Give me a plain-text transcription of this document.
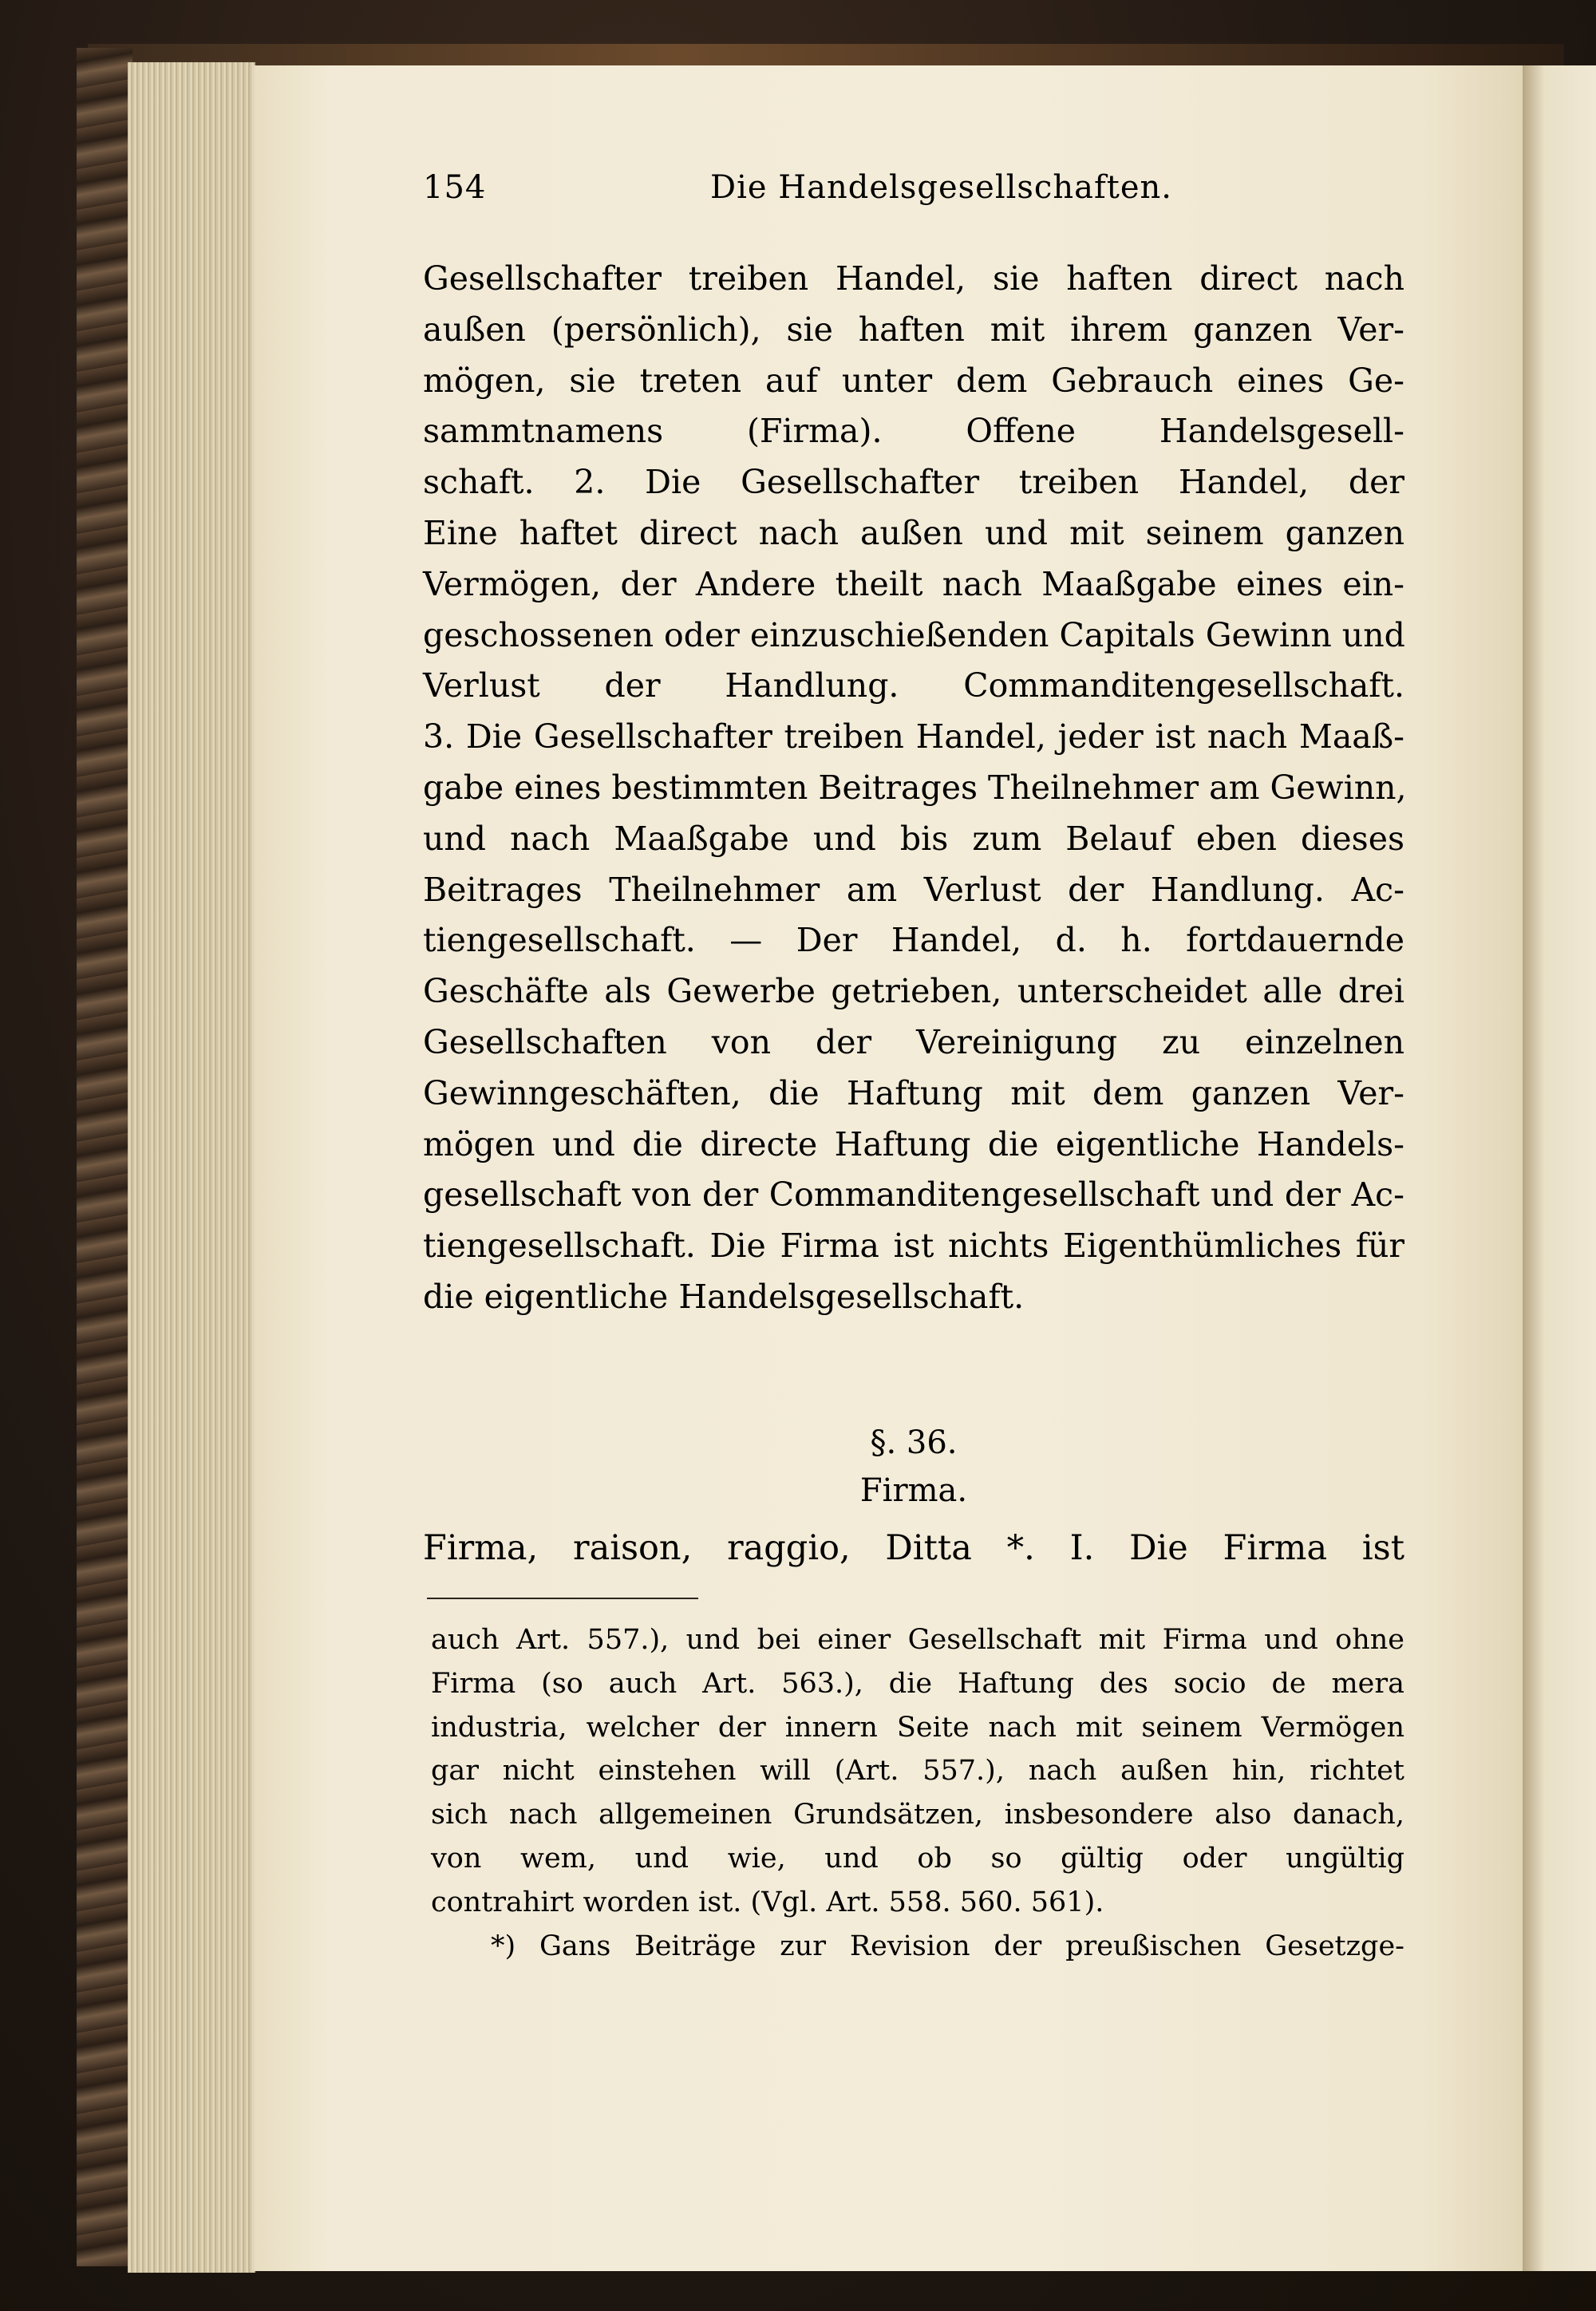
154	Die Handelsgesellschaften.
Gesellschafter treiben Handel, sie haften direct nach
außen (persönlich), sie haften mit ihrem ganzen Ver-
mögen, sie treten auf unter dem Gebrauch eines Ge-
sammtnamens (Firma). Offene Handelsgesell-
schaft. 2. Die Gesellschafter treiben Handel, der
Eine haftet direct nach außen und mit seinem ganzen
Vermögen, der Andere theilt nach Maaßgabe eines ein-
geschossenen oder einzuschießenden Capitals Gewinn und
Verlust der Handlung. Commanditengesellschaft.
3. Die Gesellschafter treiben Handel, jeder ist nach Maaß-
gabe eines bestimmten Beitrages Theilnehmer am Gewinn,
und nach Maaßgabe und bis zum Belauf eben dieses
Beitrages Theilnehmer am Verlust der Handlung. Ac-
tiengesellschaft. — Der Handel, d. h. fortdauernde
Geschäfte als Gewerbe getrieben, unterscheidet alle drei
Gesellschaften von der Vereinigung zu einzelnen
Gewinngeschäften, die Haftung mit dem ganzen Ver-
mögen und die directe Haftung die eigentliche Handels-
gesellschaft von der Commanditengesellschaft und der Ac-
tiengesellschaft. Die Firma ist nichts Eigenthümliches für
die eigentliche Handelsgesellschaft.
§. 36.
Firma.
Firma, raison, raggio, Ditta *. I. Die Firma ist
auch Art. 557.), und bei einer Gesellschaft mit Firma und ohne
Firma (so auch Art. 563.), die Haftung des socio de mera
industria, welcher der innern Seite nach mit seinem Vermögen
gar nicht einstehen will (Art. 557.), nach außen hin, richtet
sich nach allgemeinen Grundsätzen, insbesondere also danach,
von wem, und wie, und ob so gültig oder ungültig
contrahirt worden ist. (Vgl. Art. 558. 560. 561).
*) Gans Beiträge zur Revision der preußischen Gesetzge-
